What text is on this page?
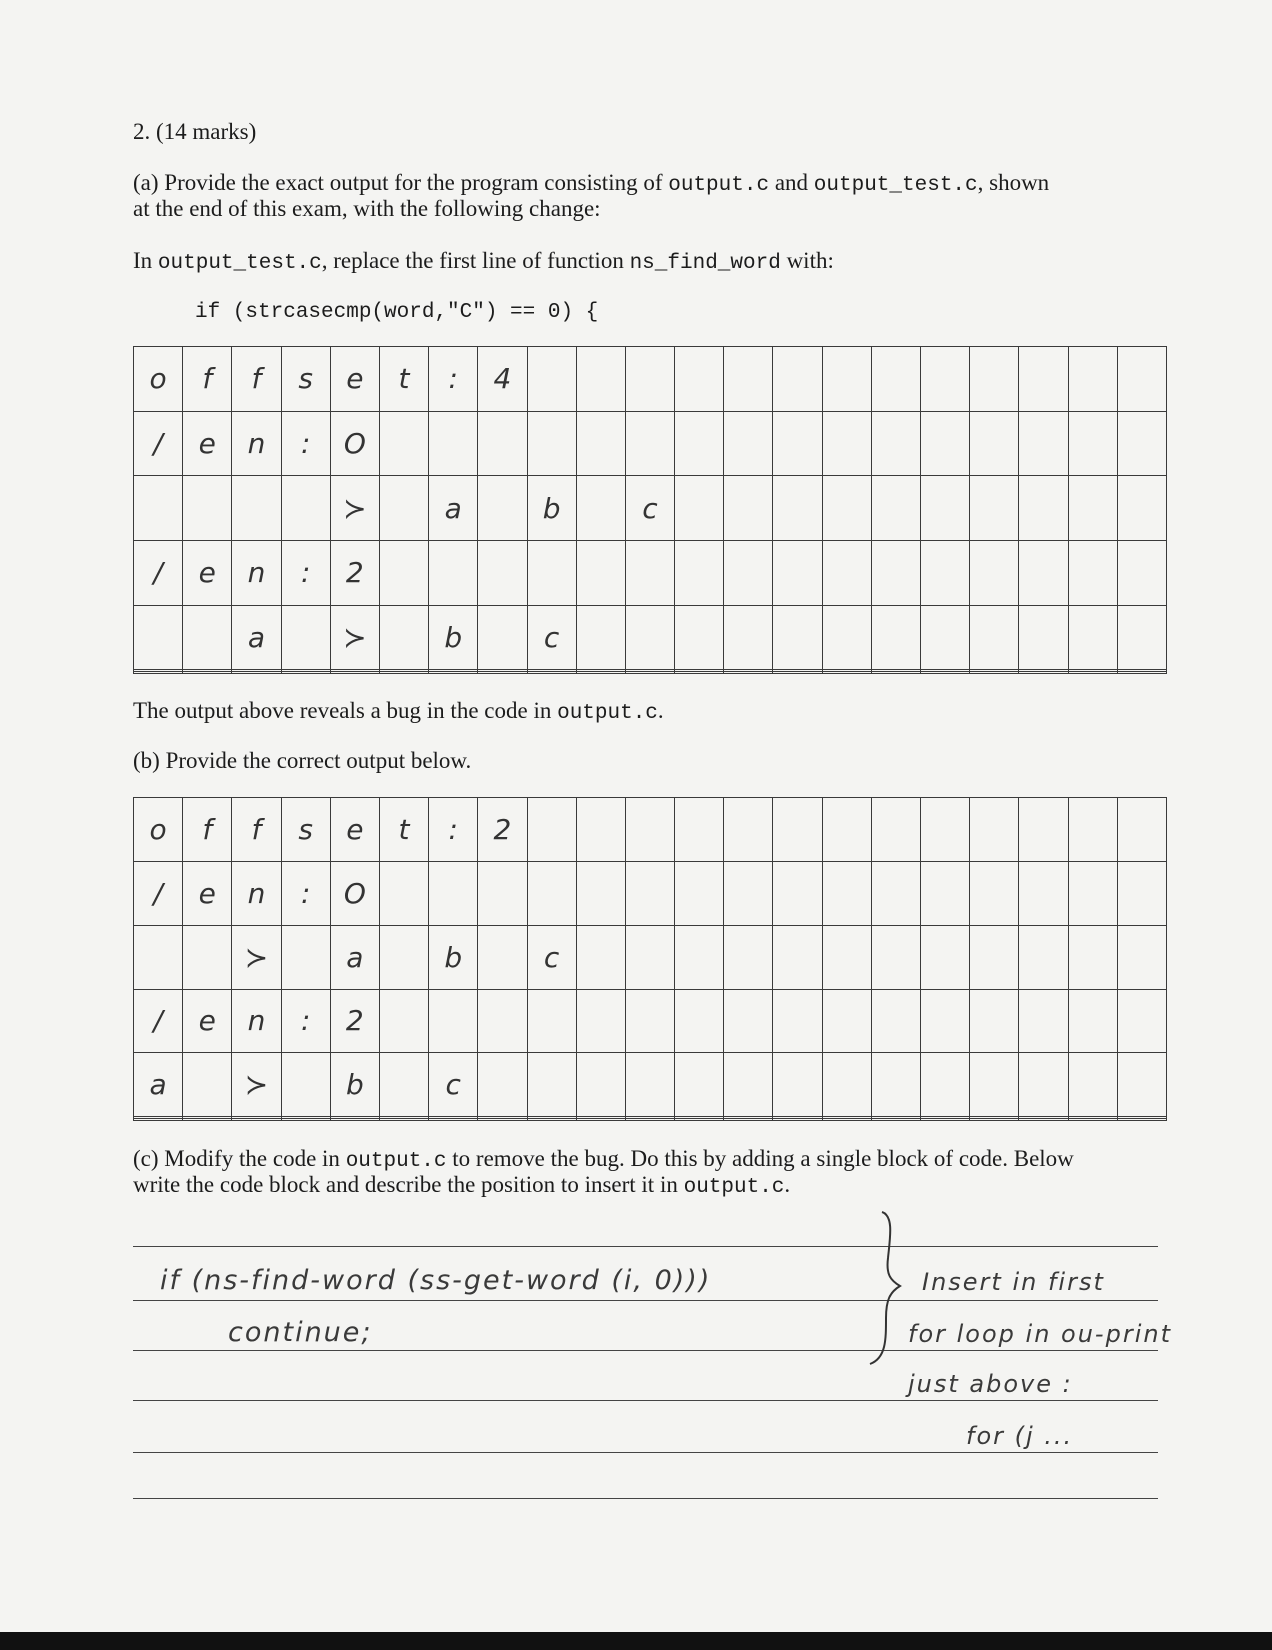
2. (14 marks)
(a) Provide the exact output for the program consisting of output.c and output_test.c, shown
at the end of this exam, with the following change:
In output_test.c, replace the first line of function ns_find_word with:
if (strcasecmp(word,"C") == 0) {
o	f	f	s	e	t	:	4													
/	e	n	:	O																
				≻		a		b		c										
/	e	n	:	2																
		a		≻		b		c												

The output above reveals a bug in the code in output.c.
(b) Provide the correct output below.
o	f	f	s	e	t	:	2													
/	e	n	:	O																
		≻		a		b		c												
/	e	n	:	2																
a		≻		b		c														

(c) Modify the code in output.c to remove the bug. Do this by adding a single block of code. Below
write the code block and describe the position to insert it in output.c.
if (ns-find-word (ss-get-word (i, 0)))
continue;
Insert in first
for loop in ou-print
just above :
for (j ...
